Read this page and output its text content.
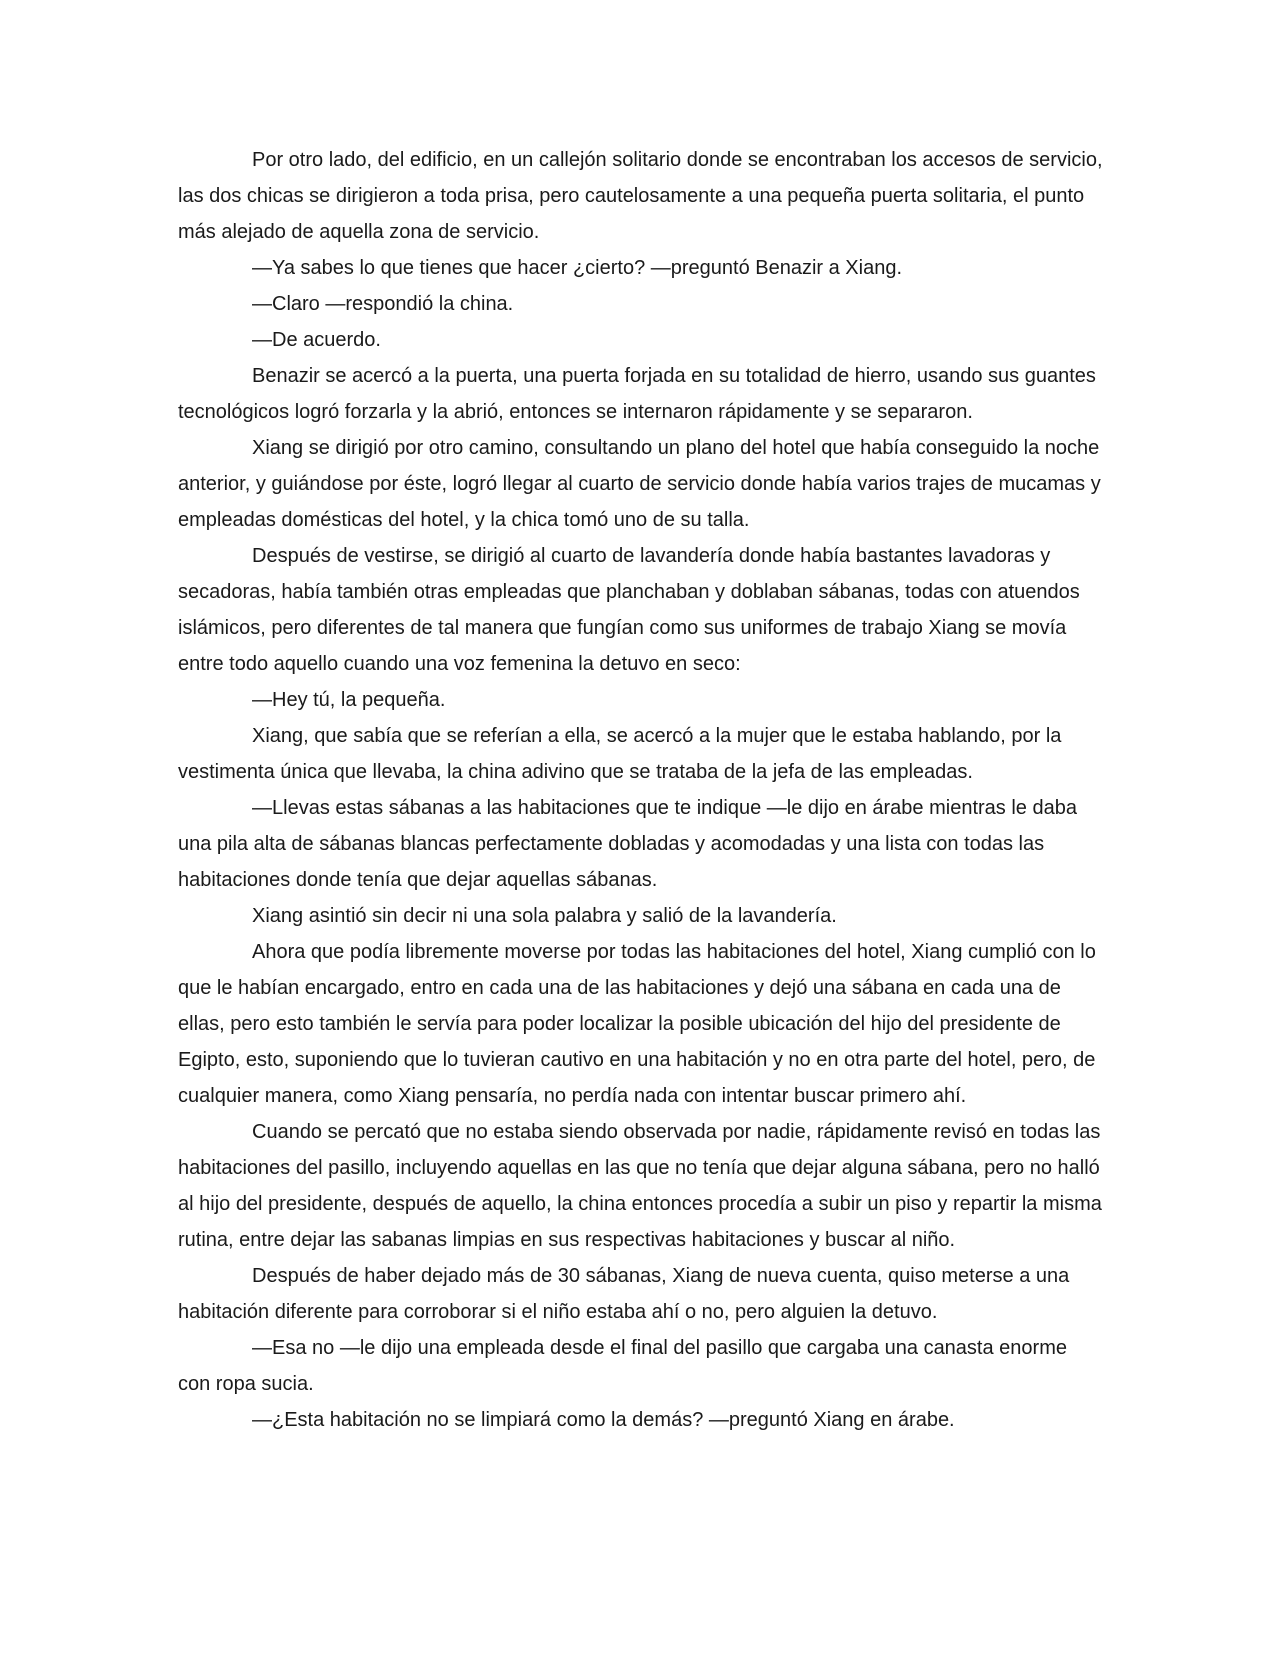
Por otro lado, del edificio, en un callejón solitario donde se encontraban los accesos de servicio, las dos chicas se dirigieron a toda prisa, pero cautelosamente a una pequeña puerta solitaria, el punto más alejado de aquella zona de servicio.

—Ya sabes lo que tienes que hacer ¿cierto? —preguntó Benazir a Xiang.

—Claro —respondió la china.

—De acuerdo.

Benazir se acercó a la puerta, una puerta forjada en su totalidad de hierro, usando sus guantes tecnológicos logró forzarla y la abrió, entonces se internaron rápidamente y se separaron.

Xiang se dirigió por otro camino, consultando un plano del hotel que había conseguido la noche anterior, y guiándose por éste, logró llegar al cuarto de servicio donde había varios trajes de mucamas y empleadas domésticas del hotel, y la chica tomó uno de su talla.

Después de vestirse, se dirigió al cuarto de lavandería donde había bastantes lavadoras y secadoras, había también otras empleadas que planchaban y doblaban sábanas, todas con atuendos islámicos, pero diferentes de tal manera que fungían como sus uniformes de trabajo Xiang se movía entre todo aquello cuando una voz femenina la detuvo en seco:

—Hey tú, la pequeña.

Xiang, que sabía que se referían a ella, se acercó a la mujer que le estaba hablando, por la vestimenta única que llevaba, la china adivino que se trataba de la jefa de las empleadas.

—Llevas estas sábanas a las habitaciones que te indique —le dijo en árabe mientras le daba una pila alta de sábanas blancas perfectamente dobladas y acomodadas y una lista con todas las habitaciones donde tenía que dejar aquellas sábanas.

Xiang asintió sin decir ni una sola palabra y salió de la lavandería.

Ahora que podía libremente moverse por todas las habitaciones del hotel, Xiang cumplió con lo que le habían encargado, entro en cada una de las habitaciones y dejó una sábana en cada una de ellas, pero esto también le servía para poder localizar la posible ubicación del hijo del presidente de Egipto, esto, suponiendo que lo tuvieran cautivo en una habitación y no en otra parte del hotel, pero, de cualquier manera, como Xiang pensaría, no perdía nada con intentar buscar primero ahí.

Cuando se percató que no estaba siendo observada por nadie, rápidamente revisó en todas las habitaciones del pasillo, incluyendo aquellas en las que no tenía que dejar alguna sábana, pero no halló al hijo del presidente, después de aquello, la china entonces procedía a subir un piso y repartir la misma rutina, entre dejar las sabanas limpias en sus respectivas habitaciones y buscar al niño.

Después de haber dejado más de 30 sábanas, Xiang de nueva cuenta, quiso meterse a una habitación diferente para corroborar si el niño estaba ahí o no, pero alguien la detuvo.

—Esa no —le dijo una empleada desde el final del pasillo que cargaba una canasta enorme con ropa sucia.

—¿Esta habitación no se limpiará como la demás? —preguntó Xiang en árabe.
